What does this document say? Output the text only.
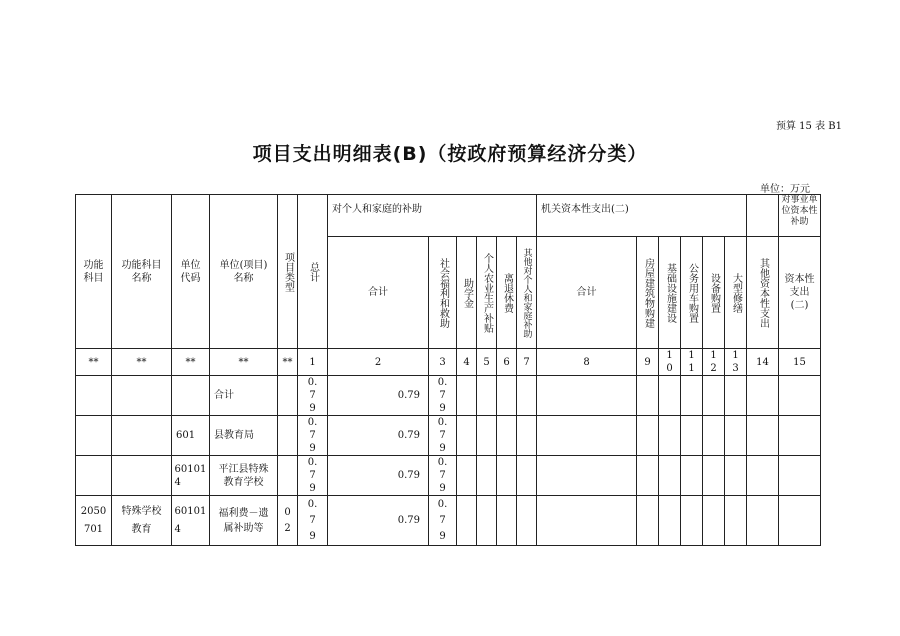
预算 15 表 B1
项目支出明细表(B)（按政府预算经济分类）
单位：万元
功能科目	功能科目名称	单位代码	单位(项目)名称	项目类型	总计	对个人和家庭的补助						机关资本性支出(二)							对事业单位资本性补助

						合计	社会福利和救助	助学金	个人农业生产补贴	离退休费	其他对个人和家庭补助	合计	房屋建筑物购建	基础设施建设	公务用车购置	设备购置	大型修缮	其他资本性支出	资本性支出(二)

**	**	**	**	**	1	2	3	4	5	6	7	8	9	10	11	12	13	14	15
			合计		0.79	0.79	0.79												

		601	县教育局		0.79	0.79	0.79												

		601014	平江县特殊教育学校		0.79	0.79	0.79												

2050701	特殊学校教育	601014	福利费－遗属补助等	02	0.79	0.79	0.79												
